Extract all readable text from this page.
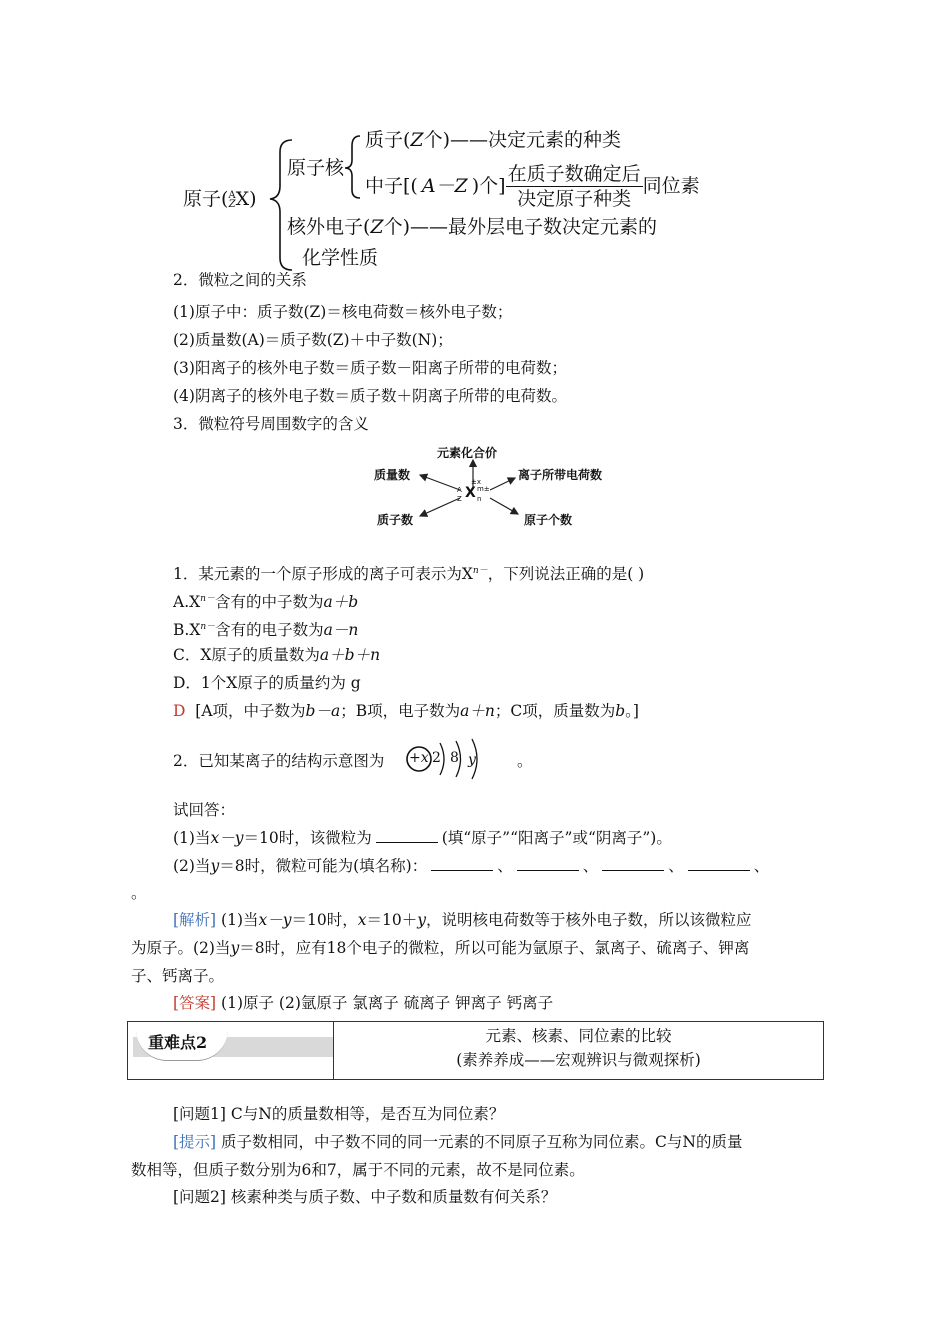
原子( A
Z X)
原子核
质子(Z个)——决定元素的种类
中子[( A－Z )个] $\frac{\text{在质子数确定后}}{\text{决定原子种类}}$ 同位素
核外电子(Z个)——最外层电子数决定元素的
化学性质
2．微粒之间的关系
(1)原子中：质子数(Z)＝核电荷数＝核外电子数；
(2)质量数(A)＝质子数(Z)＋中子数(N)；
(3)阳离子的核外电子数＝质子数－阳离子所带的电荷数；
(4)阴离子的核外电子数＝质子数＋阴离子所带的电荷数。
3．微粒符号周围数字的含义
元素化合价
质量数	离子所带电荷数
质子数	原子个数
±x
A
Z X m±
n
1．某元素的一个原子形成的离子可表示为$X^{n-}$，下列说法正确的是( )
$A.X^{n-}$含有的中子数为a＋b
$B.X^{n-}$含有的电子数为a－n
C．X原子的质量数为a＋b＋n
D．1个X原子的质量约为 g
D [A项，中子数为b－a；B项，电子数为a＋n；C项，质量数为b。]
2．已知某离子的结构示意图为 +x 2 8 y	。
试回答：
(1)当x－y＝10时，该微粒为	(填“原子”“阳离子”或“阴离子”)。
(2)当y＝8时，微粒可能为(填名称)：	、	、	、	、
。
[解析] (1)当x－y＝10时，x＝10＋y，说明核电荷数等于核外电子数，所以该微粒应
为原子。(2)当y＝8时，应有18个电子的微粒，所以可能为氩原子、氯离子、硫离子、钾离
子、钙离子。
[答案] (1)原子 (2)氩原子 氯离子 硫离子 钾离子 钙离子
重难点2	元素、核素、同位素的比较
(素养养成——宏观辨识与微观探析)
[问题1] C与N的质量数相等，是否互为同位素？
[提示] 质子数相同，中子数不同的同一元素的不同原子互称为同位素。C与N的质量
数相等，但质子数分别为6和7，属于不同的元素，故不是同位素。
[问题2] 核素种类与质子数、中子数和质量数有何关系？
